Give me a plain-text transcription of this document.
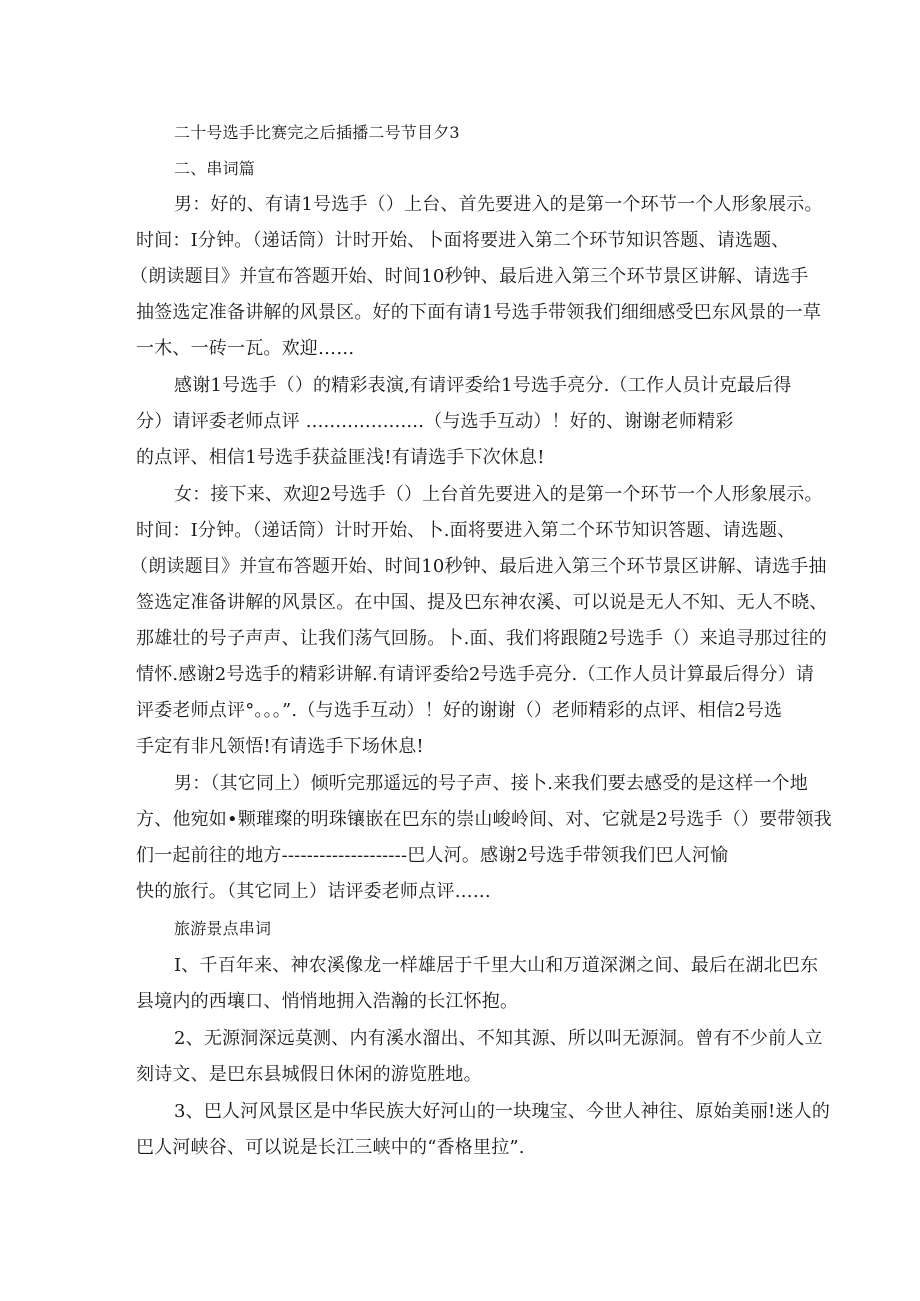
二十号选手比赛完之后插播二号节目夕3
二、串词篇
男：好的、有请1号选手（）上台、首先要进入的是第一个环节一个人形象展示。
时间：I分钟。（递话筒）计时开始、卜面将要进入第二个环节知识答题、请选题、
（朗读题目》并宣布答题开始、时间10秒钟、最后进入第三个环节景区讲解、请选手
抽签选定准备讲解的风景区。好的下面有请1号选手带领我们细细感受巴东风景的一草
一木、一砖一瓦。欢迎……
感谢1号选手（）的精彩表演,有请评委给1号选手亮分.（工作人员计克最后得
分）请评委老师点评 ....................（与选手互动）！好的、谢谢老师精彩
的点评、相信1号选手获益匪浅!有请选手下次休息!
女：接下来、欢迎2号选手（）上台首先要进入的是第一个环节一个人形象展示。
时间：I分钟。（递话筒）计时开始、卜.面将要进入第二个环节知识答题、请选题、
（朗读题目》并宣布答题开始、时间10秒钟、最后进入第三个环节景区讲解、请选手抽
签选定准备讲解的风景区。在中国、提及巴东神农溪、可以说是无人不知、无人不晓、
那雄壮的号子声声、让我们荡气回肠。卜.面、我们将跟随2号选手（）来追寻那过往的
情怀.感谢2号选手的精彩讲解.有请评委给2号选手亮分.（工作人员计算最后得分）请
评委老师点评°。。。”.（与选手互动）！好的谢谢（）老师精彩的点评、相信2号选
手定有非凡领悟!有请选手下场休息!
男：（其它同上）倾听完那遥远的号子声、接卜.来我们要去感受的是这样一个地
方、他宛如•颗璀璨的明珠镶嵌在巴东的崇山峻岭间、对、它就是2号选手（）要带领我
们一起前往的地方--------------------巴人河。感谢2号选手带领我们巴人河愉
快的旅行。（其它同上）诘评委老师点评……
旅游景点串词
I、千百年来、神农溪像龙一样雄居于千里大山和万道深渊之间、最后在湖北巴东
县境内的西壤口、悄悄地拥入浩瀚的长江怀抱。
2、无源洞深远莫测、内有溪水溜出、不知其源、所以叫无源洞。曾有不少前人立
刻诗文、是巴东县城假日休闲的游览胜地。
3、巴人河风景区是中华民族大好河山的一块瑰宝、今世人神往、原始美丽!迷人的
巴人河峡谷、可以说是长江三峡中的“香格里拉”.
